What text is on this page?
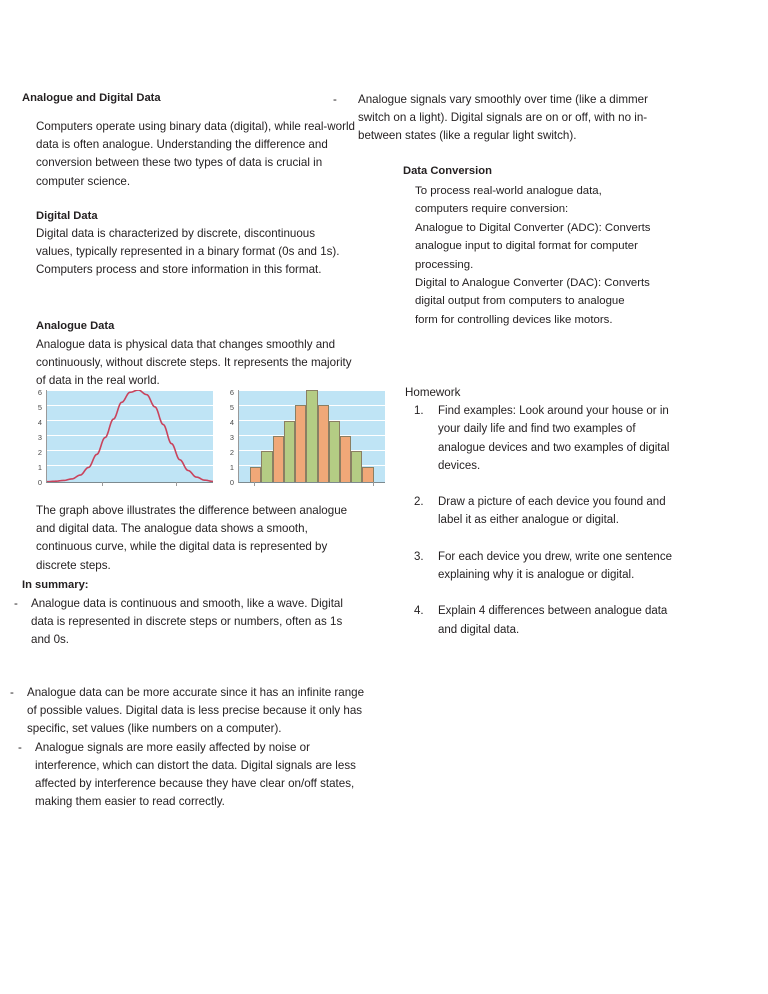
Analogue and Digital Data
Computers operate using binary data (digital), while real-world data is often analogue. Understanding the difference and conversion between these two types of data is crucial in computer science.
Digital Data
Digital data is characterized by discrete, discontinuous values, typically represented in a binary format (0s and 1s). Computers process and store information in this format.
Analogue Data
Analogue data is physical data that changes smoothly and continuously, without discrete steps. It represents the majority of data in the real world.
6
5
4
3
2
1
0
6
5
4
3
2
1
0
The graph above illustrates the difference between analogue and digital data. The analogue data shows a smooth, continuous curve, while the digital data is represented by discrete steps.
In summary:
-	Analogue data is continuous and smooth, like a wave. Digital data is represented in discrete steps or numbers, often as 1s and 0s.
-	Analogue data can be more accurate since it has an infinite range of possible values. Digital data is less precise because it only has specific, set values (like numbers on a computer).
-	Analogue signals are more easily affected by noise or interference, which can distort the data. Digital signals are less affected by interference because they have clear on/off states, making them easier to read correctly.
-	Analogue signals vary smoothly over time (like a dimmer switch on a light). Digital signals are on or off, with no in-between states (like a regular light switch).
Data Conversion
To process real-world analogue data,
computers require conversion:
Analogue to Digital Converter (ADC): Converts
analogue input to digital format for computer
processing.
Digital to Analogue Converter (DAC): Converts
digital output from computers to analogue
form for controlling devices like motors.
Homework
1.	Find examples: Look around your house or in your daily life and find two examples of analogue devices and two examples of digital devices.
2.	Draw a picture of each device you found and label it as either analogue or digital.
3.	For each device you drew, write one sentence explaining why it is analogue or digital.
4.	Explain 4 differences between analogue data and digital data.
